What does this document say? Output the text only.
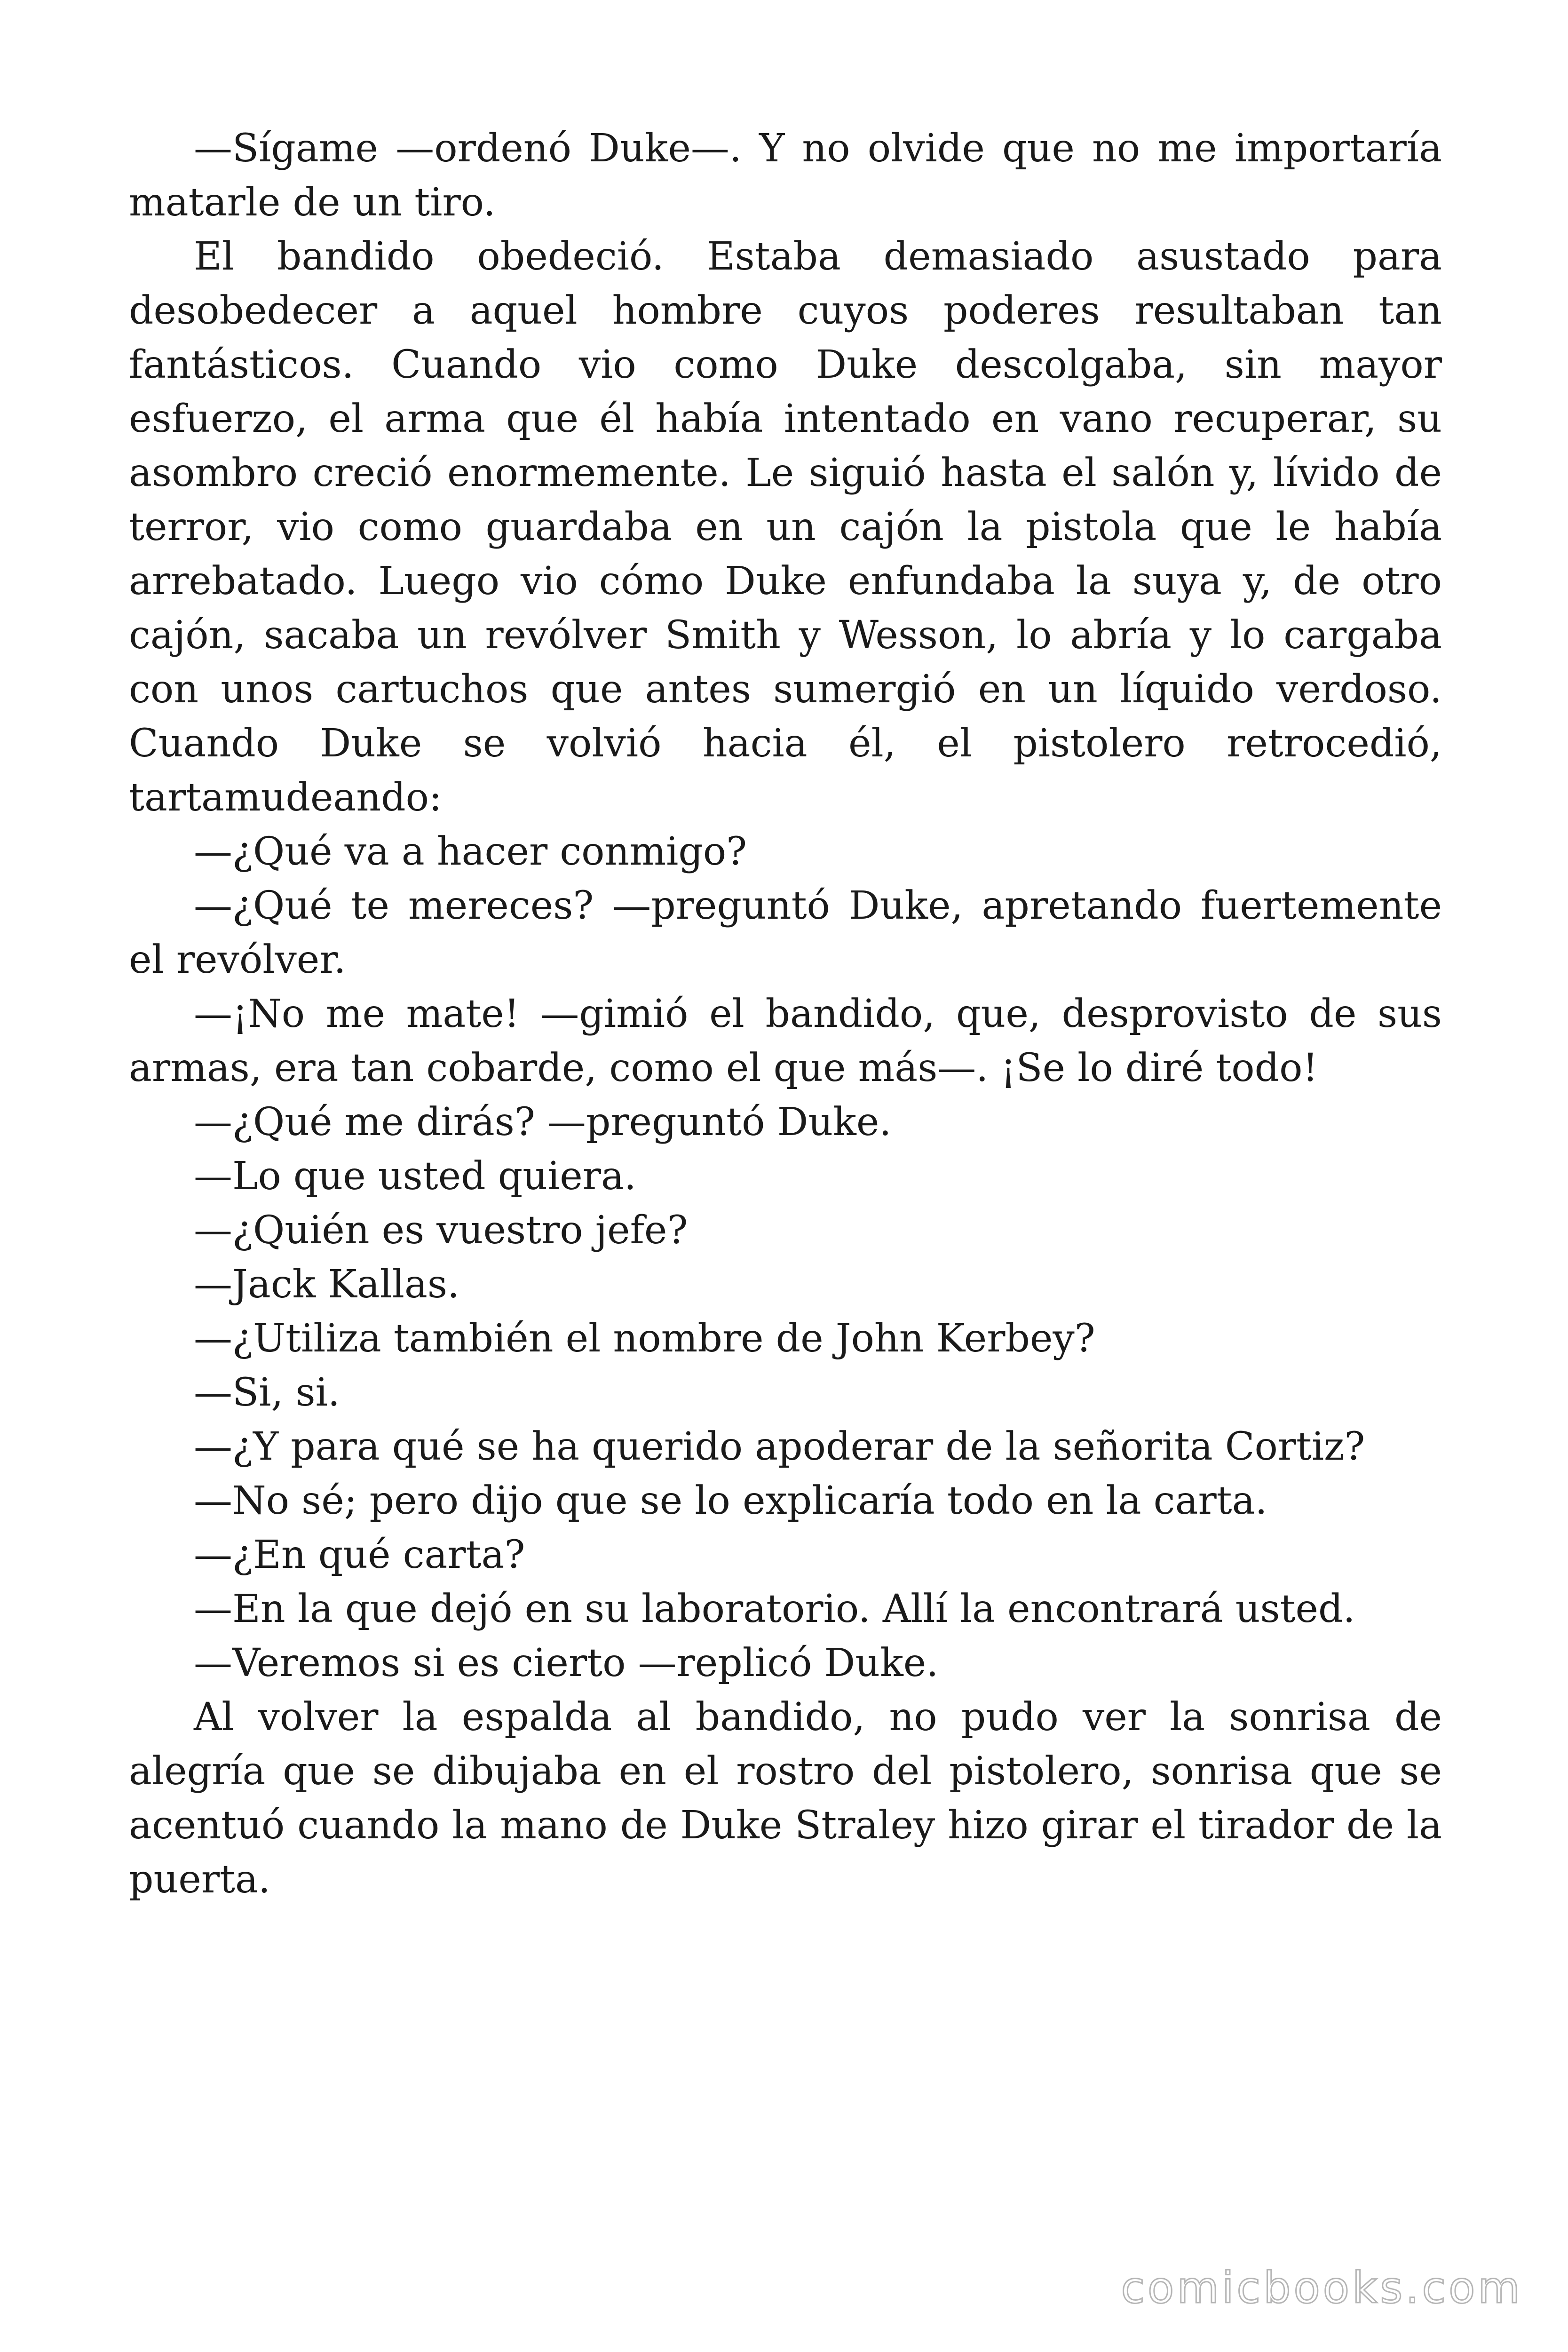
—Sígame —ordenó Duke—. Y no olvide que no me importaría matarle de un tiro.

El bandido obedeció. Estaba demasiado asustado para desobedecer a aquel hombre cuyos poderes resultaban tan fantásticos. Cuando vio como Duke descolgaba, sin mayor esfuerzo, el arma que él había intentado en vano recuperar, su asombro creció enormemente. Le siguió hasta el salón y, lívido de terror, vio como guardaba en un cajón la pistola que le había arrebatado. Luego vio cómo Duke enfundaba la suya y, de otro cajón, sacaba un revólver Smith y Wesson, lo abría y lo cargaba con unos cartuchos que antes sumergió en un líquido verdoso. Cuando Duke se volvió hacia él, el pistolero retrocedió, tartamudeando:

—¿Qué va a hacer conmigo?

—¿Qué te mereces? —preguntó Duke, apretando fuertemente el revólver.

—¡No me mate! —gimió el bandido, que, desprovisto de sus armas, era tan cobarde, como el que más—. ¡Se lo diré todo!

—¿Qué me dirás? —preguntó Duke.

—Lo que usted quiera.

—¿Quién es vuestro jefe?

—Jack Kallas.

—¿Utiliza también el nombre de John Kerbey?

—Si, si.

—¿Y para qué se ha querido apoderar de la señorita Cortiz?

—No sé; pero dijo que se lo explicaría todo en la carta.

—¿En qué carta?

—En la que dejó en su laboratorio. Allí la encontrará usted.

—Veremos si es cierto —replicó Duke.

Al volver la espalda al bandido, no pudo ver la sonrisa de alegría que se dibujaba en el rostro del pistolero, sonrisa que se acentuó cuando la mano de Duke Straley hizo girar el tirador de la puerta.

comicbooks.com
